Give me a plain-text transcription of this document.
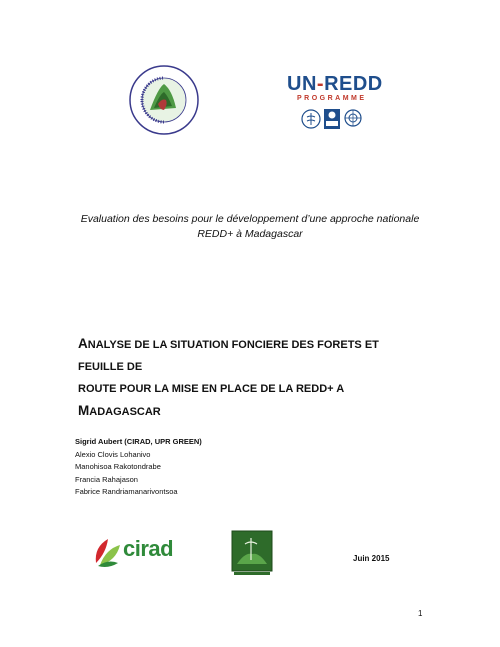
UN-REDD
PROGRAMME
Evaluation des besoins pour le développement d’une approche nationale
REDD+ à Madagascar
ANALYSE DE LA SITUATION FONCIERE DES FORETS ET FEUILLE DE
ROUTE POUR LA MISE EN PLACE DE LA REDD+ A MADAGASCAR
Sigrid Aubert (CIRAD, UPR GREEN)
Alexio Clovis Lohanivo
Manohisoa Rakotondrabe
Francia Rahajason
Fabrice Randriamanarivontsoa
cirad	Juin 2015
1
